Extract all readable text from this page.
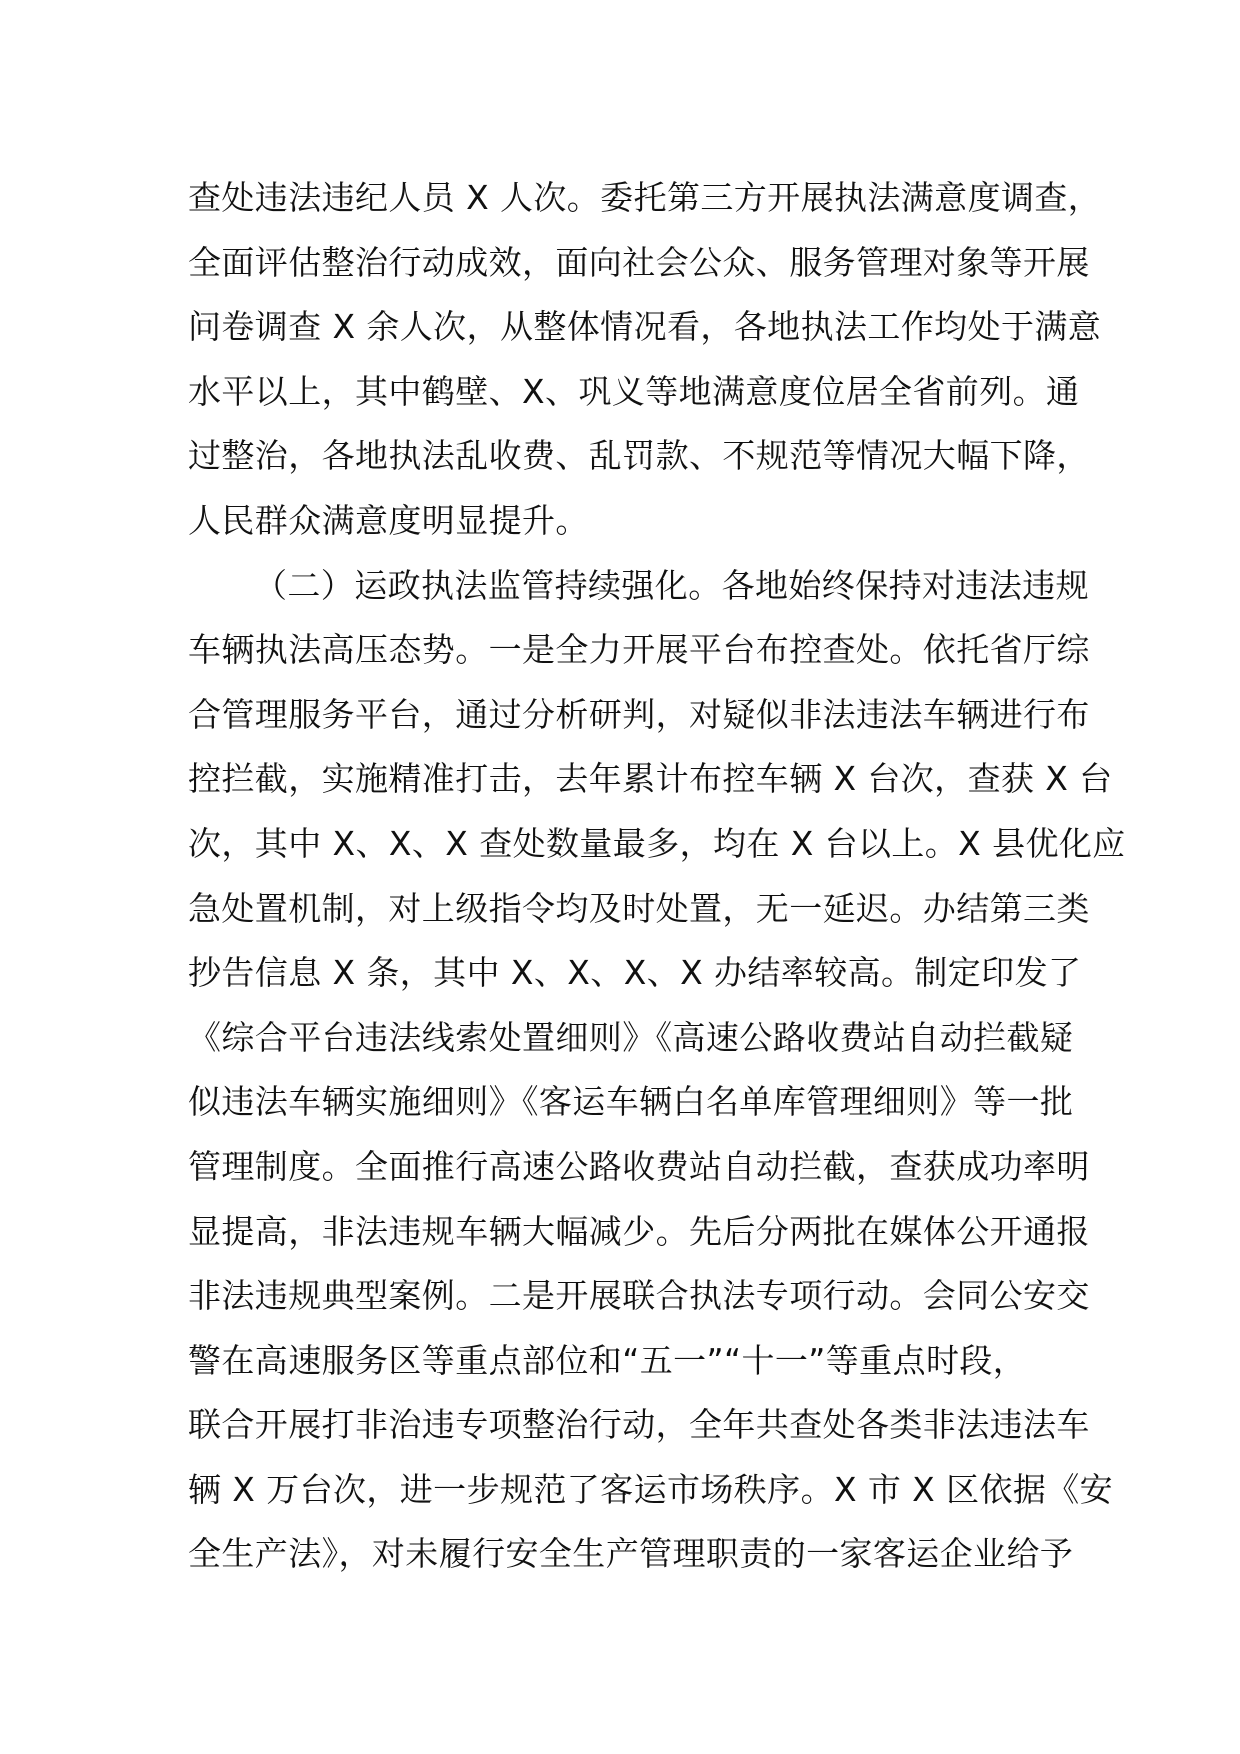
查处违法违纪人员 X 人次。委托第三方开展执法满意度调查，
全面评估整治行动成效，面向社会公众、服务管理对象等开展
问卷调查 X 余人次，从整体情况看，各地执法工作均处于满意
水平以上，其中鹤壁、X、巩义等地满意度位居全省前列。通
过整治，各地执法乱收费、乱罚款、不规范等情况大幅下降，
人民群众满意度明显提升。
（二）运政执法监管持续强化。各地始终保持对违法违规
车辆执法高压态势。一是全力开展平台布控查处。依托省厅综
合管理服务平台，通过分析研判，对疑似非法违法车辆进行布
控拦截，实施精准打击，去年累计布控车辆 X 台次，查获 X 台
次，其中 X、X、X 查处数量最多，均在 X 台以上。X 县优化应
急处置机制，对上级指令均及时处置，无一延迟。办结第三类
抄告信息 X 条，其中 X、X、X、X 办结率较高。制定印发了
《综合平台违法线索处置细则》《高速公路收费站自动拦截疑
似违法车辆实施细则》《客运车辆白名单库管理细则》等一批
管理制度。全面推行高速公路收费站自动拦截，查获成功率明
显提高，非法违规车辆大幅减少。先后分两批在媒体公开通报
非法违规典型案例。二是开展联合执法专项行动。会同公安交
警在高速服务区等重点部位和“五一”“十一”等重点时段，
联合开展打非治违专项整治行动，全年共查处各类非法违法车
辆 X 万台次，进一步规范了客运市场秩序。X 市 X 区依据《安
全生产法》，对未履行安全生产管理职责的一家客运企业给予
